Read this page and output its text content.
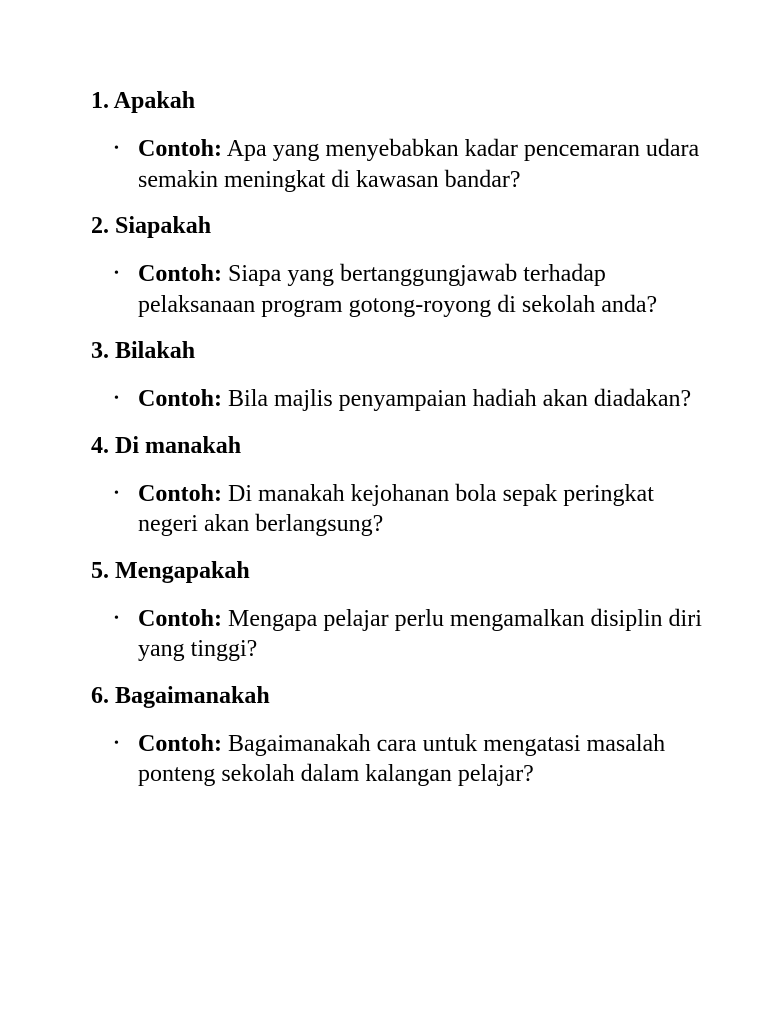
1. Apakah
• Contoh: Apa yang menyebabkan kadar pencemaran udara semakin meningkat di kawasan bandar?
2. Siapakah
• Contoh: Siapa yang bertanggungjawab terhadap pelaksanaan program gotong-royong di sekolah anda?
3. Bilakah
• Contoh: Bila majlis penyampaian hadiah akan diadakan?
4. Di manakah
• Contoh: Di manakah kejohanan bola sepak peringkat negeri akan berlangsung?
5. Mengapakah
• Contoh: Mengapa pelajar perlu mengamalkan disiplin diri yang tinggi?
6. Bagaimanakah
• Contoh: Bagaimanakah cara untuk mengatasi masalah ponteng sekolah dalam kalangan pelajar?
